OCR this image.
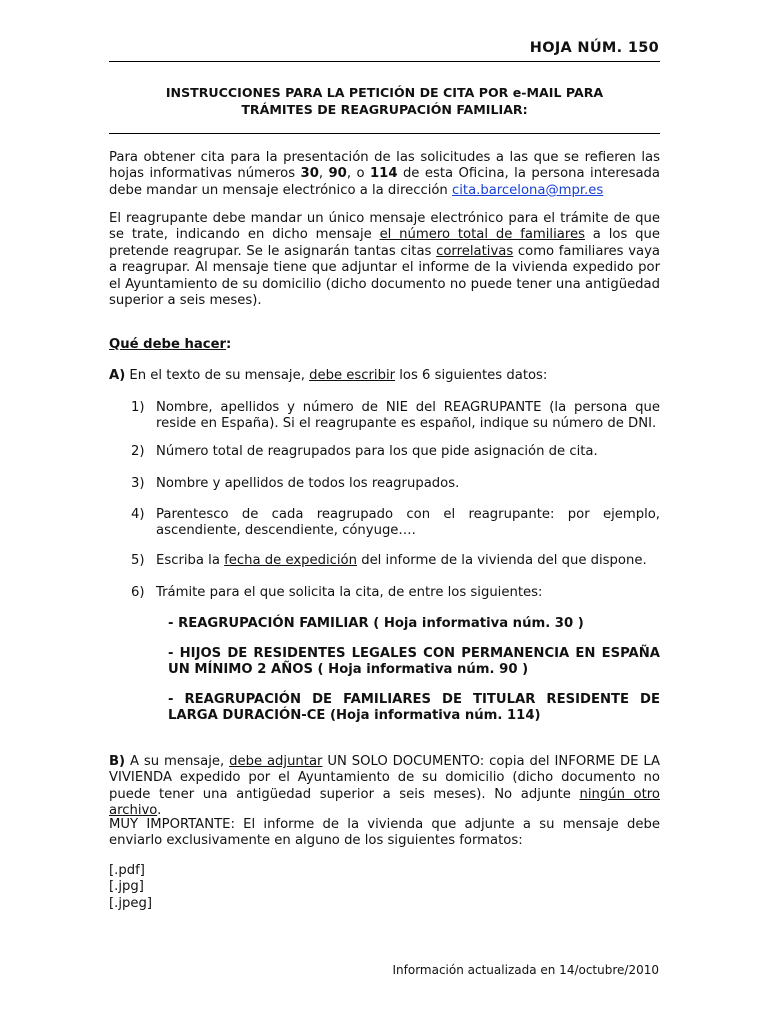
HOJA NÚM. 150
INSTRUCCIONES PARA LA PETICIÓN DE CITA POR e-MAIL PARA
TRÁMITES DE REAGRUPACIÓN FAMILIAR:
Para obtener cita para la presentación de las solicitudes a las que se refieren las hojas informativas números 30, 90, o 114 de esta Oficina, la persona interesada debe mandar un mensaje electrónico a la dirección cita.barcelona@mpr.es
El reagrupante debe mandar un único mensaje electrónico para el trámite de que se trate, indicando en dicho mensaje el número total de familiares a los que pretende reagrupar. Se le asignarán tantas citas correlativas como familiares vaya a reagrupar. Al mensaje tiene que adjuntar el informe de la vivienda expedido por el Ayuntamiento de su domicilio (dicho documento no puede tener una antigüedad superior a seis meses).
Qué debe hacer:
A) En el texto de su mensaje, debe escribir los 6 siguientes datos:
1) Nombre, apellidos y número de NIE del REAGRUPANTE (la persona que reside en España). Si el reagrupante es español, indique su número de DNI.
2) Número total de reagrupados para los que pide asignación de cita.
3) Nombre y apellidos de todos los reagrupados.
4) Parentesco de cada reagrupado con el reagrupante: por ejemplo, ascendiente, descendiente, cónyuge….
5) Escriba la fecha de expedición del informe de la vivienda del que dispone.
6) Trámite para el que solicita la cita, de entre los siguientes:
- REAGRUPACIÓN FAMILIAR ( Hoja informativa núm. 30 )
- HIJOS DE RESIDENTES LEGALES CON PERMANENCIA EN ESPAÑA UN MÍNIMO 2 AÑOS ( Hoja informativa núm. 90 )
- REAGRUPACIÓN DE FAMILIARES DE TITULAR RESIDENTE DE LARGA DURACIÓN-CE (Hoja informativa núm. 114)
B) A su mensaje, debe adjuntar UN SOLO DOCUMENTO: copia del INFORME DE LA VIVIENDA expedido por el Ayuntamiento de su domicilio (dicho documento no puede tener una antigüedad superior a seis meses). No adjunte ningún otro archivo.
MUY IMPORTANTE: El informe de la vivienda que adjunte a su mensaje debe enviarlo exclusivamente en alguno de los siguientes formatos:
[.pdf]
[.jpg]
[.jpeg]
Información actualizada en 14/octubre/2010
